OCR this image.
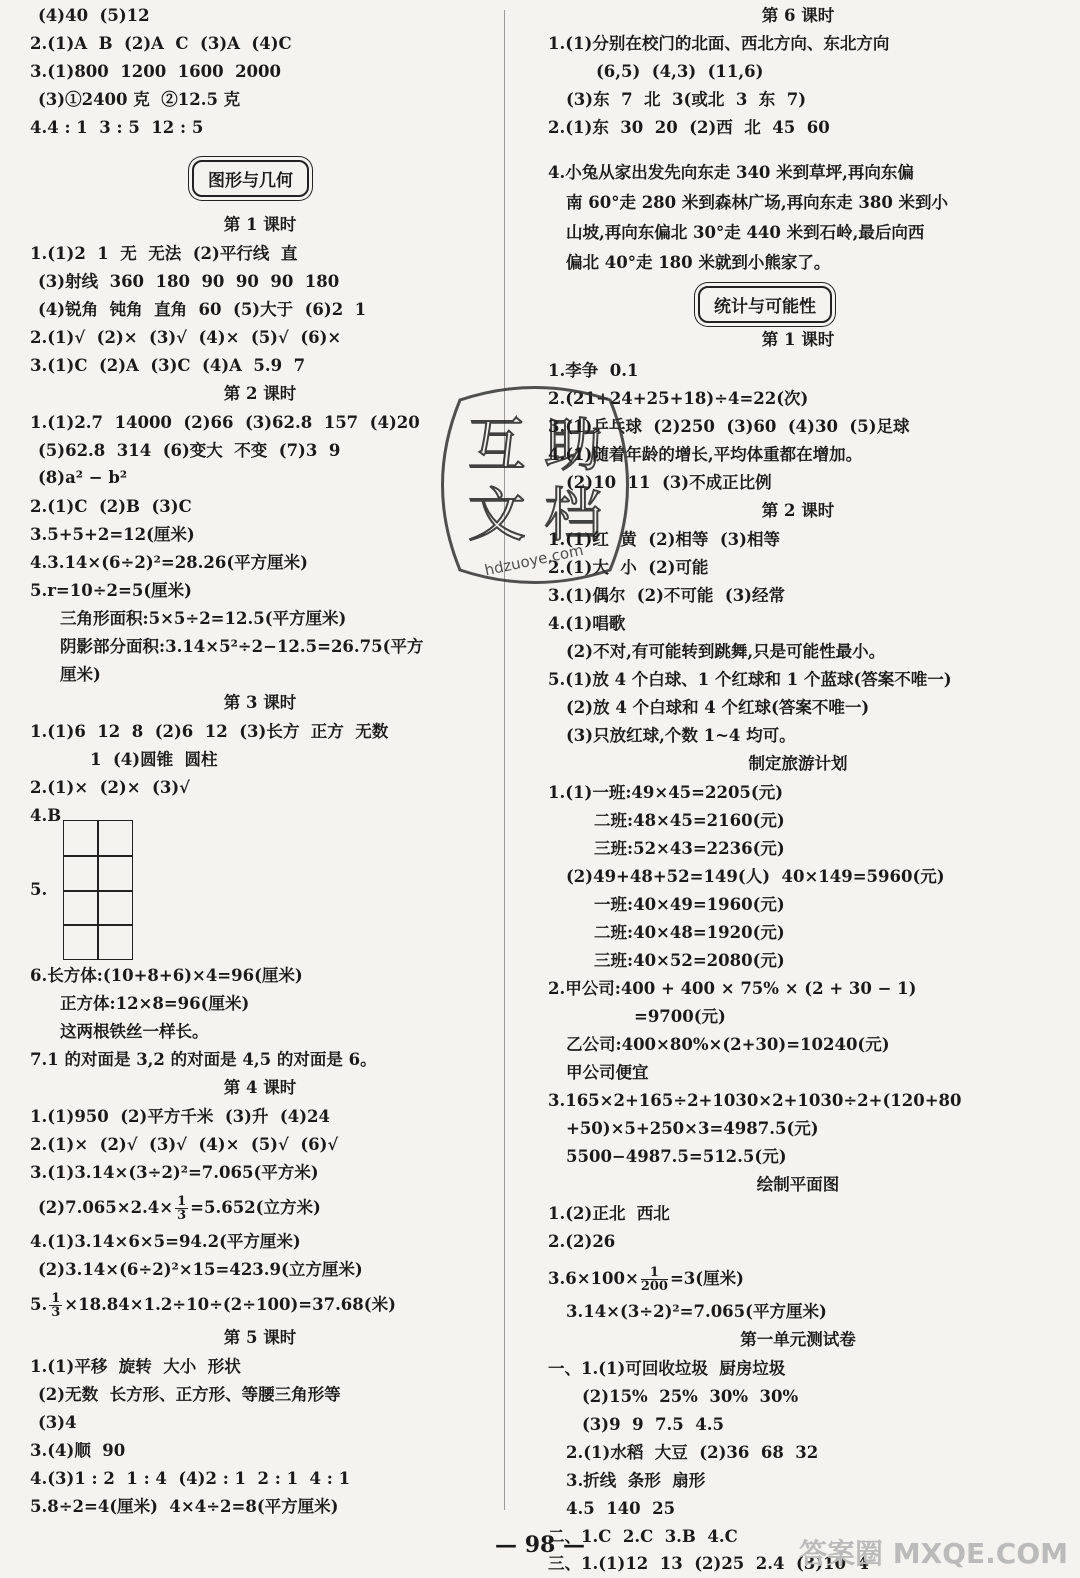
(4)40  (5)12
2.(1)A  B  (2)A  C  (3)A  (4)C
3.(1)800  1200  1600  2000
(3)①2400 克  ②12.5 克
4.4 : 1  3 : 5  12 : 5
图形与几何
第 1 课时
1.(1)2  1  无  无法  (2)平行线  直
(3)射线  360  180  90  90  90  180
(4)锐角  钝角  直角  60  (5)大于  (6)2  1
2.(1)√  (2)×  (3)√  (4)×  (5)√  (6)×
3.(1)C  (2)A  (3)C  (4)A  5.9  7
第 2 课时
1.(1)2.7  14000  (2)66  (3)62.8  157  (4)20
(5)62.8  314  (6)变大  不变  (7)3  9
(8)a² − b²
2.(1)C  (2)B  (3)C
3.5+5+2=12(厘米)
4.3.14×(6÷2)²=28.26(平方厘米)
5.r=10÷2=5(厘米)
三角形面积:5×5÷2=12.5(平方厘米)
阴影部分面积:3.14×5²÷2−12.5=26.75(平方
厘米)
第 3 课时
1.(1)6  12  8  (2)6  12  (3)长方  正方  无数
1  (4)圆锥  圆柱
2.(1)×  (2)×  (3)√
4.B
5.
6.长方体:(10+8+6)×4=96(厘米)
正方体:12×8=96(厘米)
这两根铁丝一样长。
7.1 的对面是 3,2 的对面是 4,5 的对面是 6。
第 4 课时
1.(1)950  (2)平方千米  (3)升  (4)24
2.(1)×  (2)√  (3)√  (4)×  (5)√  (6)√
3.(1)3.14×(3÷2)²=7.065(平方米)
$(2)7.065\times 2.4\times \frac{1}{3} =5.652$(立方米)
4.(1)3.14×6×5=94.2(平方厘米)
(2)3.14×(6÷2)²×15=423.9(立方厘米)
5. $\frac{1}{3} \times 18.84\times 1.2\div 10\div(2\div 100)=37.68$(米)
第 5 课时
1.(1)平移  旋转  大小  形状
(2)无数  长方形、正方形、等腰三角形等
(3)4
3.(4)顺  90
4.(3)1 : 2  1 : 4  (4)2 : 1  2 : 1  4 : 1
5.8÷2=4(厘米)  4×4÷2=8(平方厘米)
第 6 课时
1.(1)分别在校门的北面、西北方向、东北方向
(6,5)  (4,3)  (11,6)
(3)东  7  北  3(或北  3  东  7)
2.(1)东  30  20  (2)西  北  45  60
4.小兔从家出发先向东走 340 米到草坪,再向东偏
南 60°走 280 米到森林广场,再向东走 380 米到小
山坡,再向东偏北 30°走 440 米到石岭,最后向西
偏北 40°走 180 米就到小熊家了。
统计与可能性
第 1 课时
1.李争  0.1
2.(21+24+25+18)÷4=22(次)
3.(1)乒乓球  (2)250  (3)60  (4)30  (5)足球
4.(1)随着年龄的增长,平均体重都在增加。
(2)10  11  (3)不成正比例
第 2 课时
1.(1)红  黄  (2)相等  (3)相等
2.(1)大  小  (2)可能
3.(1)偶尔  (2)不可能  (3)经常
4.(1)唱歌
(2)不对,有可能转到跳舞,只是可能性最小。
5.(1)放 4 个白球、1 个红球和 1 个蓝球(答案不唯一)
(2)放 4 个白球和 4 个红球(答案不唯一)
(3)只放红球,个数 1~4 均可。
制定旅游计划
1.(1)一班:49×45=2205(元)
二班:48×45=2160(元)
三班:52×43=2236(元)
(2)49+48+52=149(人)  40×149=5960(元)
一班:40×49=1960(元)
二班:40×48=1920(元)
三班:40×52=2080(元)
2.甲公司:400 + 400 × 75% × (2 + 30 − 1)
=9700(元)
乙公司:400×80%×(2+30)=10240(元)
甲公司便宜
3.165×2+165÷2+1030×2+1030÷2+(120+80
+50)×5+250×3=4987.5(元)
5500−4987.5=512.5(元)
绘制平面图
1.(2)正北  西北
2.(2)26
$3.6\times 100\times \frac{1}{200} =3$(厘米)
3.14×(3÷2)²=7.065(平方厘米)
第一单元测试卷
一、1.(1)可回收垃圾  厨房垃圾
(2)15%  25%  30%  30%
(3)9  9  7.5  4.5
2.(1)水稻  大豆  (2)36  68  32
3.折线  条形  扇形
4.5  140  25
二、1.C  2.C  3.B  4.C
三、1.(1)12  13  (2)25  2.4  (3)10  4
互 助
文 档
hdzuoye.com
— 98 —	答案圈 MXQE.COM
